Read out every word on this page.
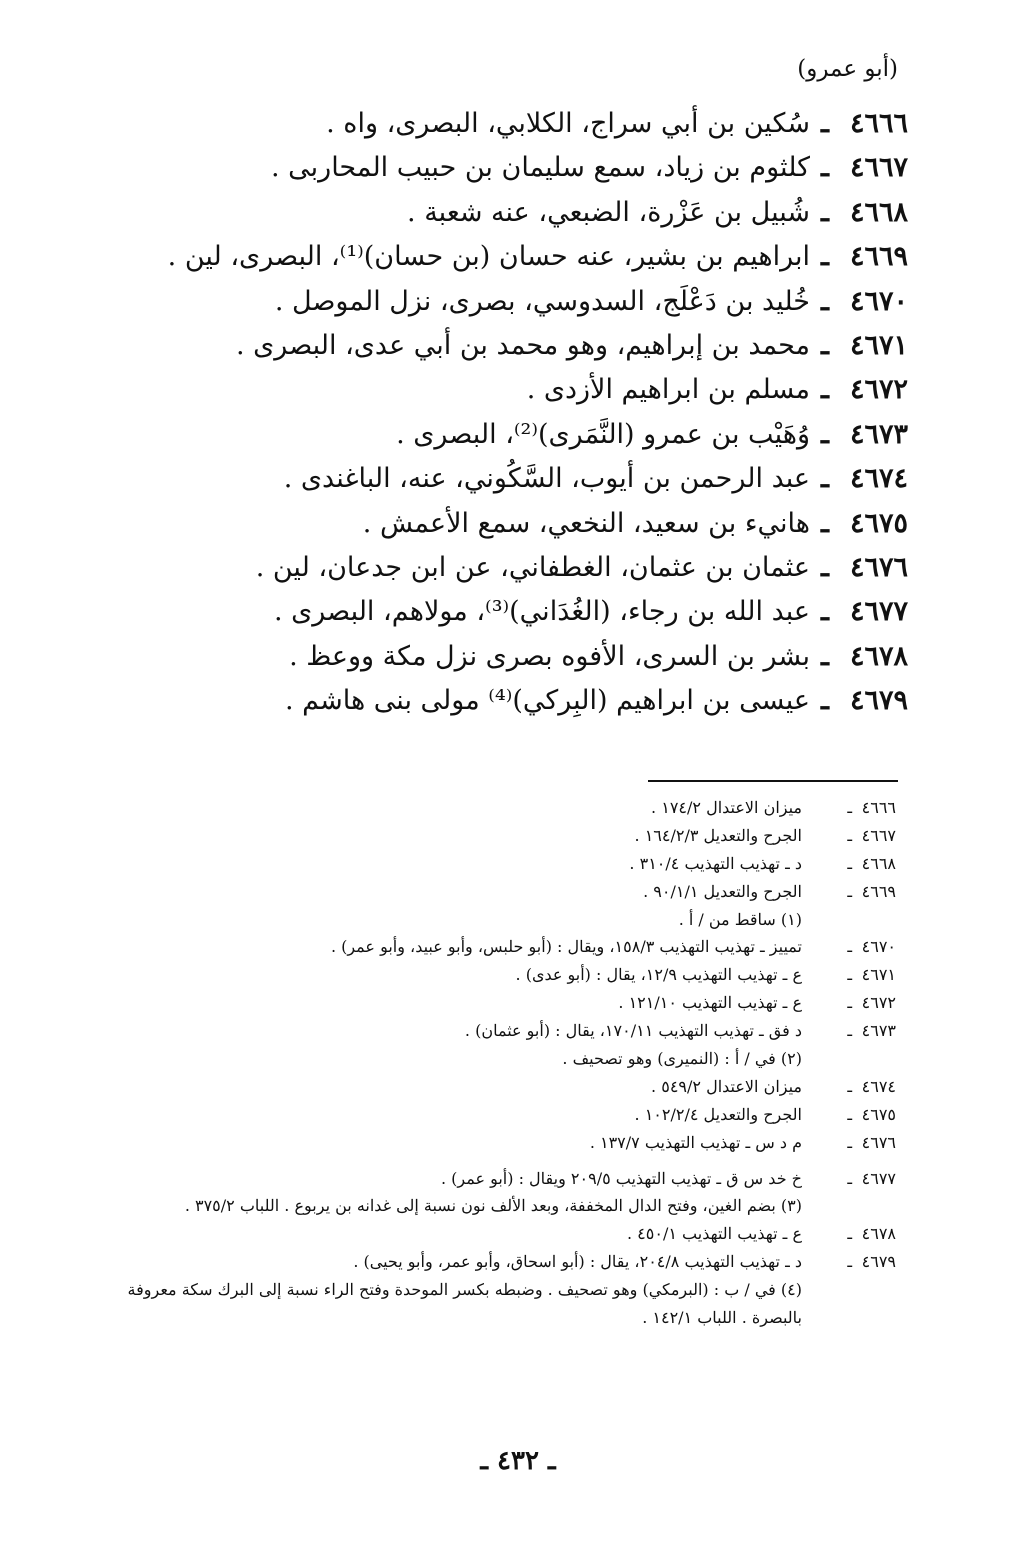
(أبو عمرو)
٤٦٦٦
ـ
سُكين بن أبي سراج، الكلابي، البصرى، واه .
٤٦٦٧
ـ
كلثوم بن زياد، سمع سليمان بن حبيب المحاربى .
٤٦٦٨
ـ
شُبيل بن عَزْرة، الضبعي، عنه شعبة .
٤٦٦٩
ـ
ابراهيم بن بشير، عنه حسان (بن حسان)⁽¹⁾، البصرى، لين .
٤٦٧٠
ـ
خُليد بن دَعْلَج، السدوسي، بصرى، نزل الموصل .
٤٦٧١
ـ
محمد بن إبراهيم، وهو محمد بن أبي عدى، البصرى .
٤٦٧٢
ـ
مسلم بن ابراهيم الأزدى .
٤٦٧٣
ـ
وُهَيْب بن عمرو (النَّمَرى)⁽²⁾، البصرى .
٤٦٧٤
ـ
عبد الرحمن بن أيوب، السَّكُوني، عنه، الباغندى .
٤٦٧٥
ـ
هانيء بن سعيد، النخعي، سمع الأعمش .
٤٦٧٦
ـ
عثمان بن عثمان، الغطفاني، عن ابن جدعان، لين .
٤٦٧٧
ـ
عبد الله بن رجاء، (الغُدَاني)⁽³⁾، مولاهم، البصرى .
٤٦٧٨
ـ
بشر بن السرى، الأفوه بصرى نزل مكة ووعظ .
٤٦٧٩
ـ
عيسى بن ابراهيم (البِركي)⁽⁴⁾ مولى بنى هاشم .
٤٦٦٦
ـ
ميزان الاعتدال ١٧٤/٢ .
٤٦٦٧
ـ
الجرح والتعديل ١٦٤/٢/٣ .
٤٦٦٨
ـ
د ـ تهذيب التهذيب ٣١٠/٤ .
٤٦٦٩
ـ
الجرح والتعديل ٩٠/١/١ .
(١) ساقط من / أ .
٤٦٧٠
ـ
تمييز ـ تهذيب التهذيب ١٥٨/٣، ويقال : (أبو حلبس، وأبو عبيد، وأبو عمر) .
٤٦٧١
ـ
ع ـ تهذيب التهذيب ١٢/٩، يقال : (أبو عدى) .
٤٦٧٢
ـ
ع ـ تهذيب التهذيب ١٢١/١٠ .
٤٦٧٣
ـ
د فق ـ تهذيب التهذيب ١٧٠/١١، يقال : (أبو عثمان) .
(٢) في / أ : (النميرى) وهو تصحيف .
٤٦٧٤
ـ
ميزان الاعتدال ٥٤٩/٢ .
٤٦٧٥
ـ
الجرح والتعديل ١٠٢/٢/٤ .
٤٦٧٦
ـ
م د س ـ تهذيب التهذيب ١٣٧/٧ .
٤٦٧٧
ـ
خ خد س ق ـ تهذيب التهذيب ٢٠٩/٥ ويقال : (أبو عمر) .
(٣) بضم الغين، وفتح الدال المخففة، وبعد الألف نون نسبة إلى غدانه بن يربوع . اللباب ٣٧٥/٢ .
٤٦٧٨
ـ
ع ـ تهذيب التهذيب ٤٥٠/١ .
٤٦٧٩
ـ
د ـ تهذيب التهذيب ٢٠٤/٨، يقال : (أبو اسحاق، وأبو عمر، وأبو يحيى) .
(٤) في / ب : (البرمكي) وهو تصحيف . وضبطه بكسر الموحدة وفتح الراء نسبة إلى البرك سكة معروفة
بالبصرة . اللباب ١٤٢/١ .
ـ ٤٣٢ ـ
